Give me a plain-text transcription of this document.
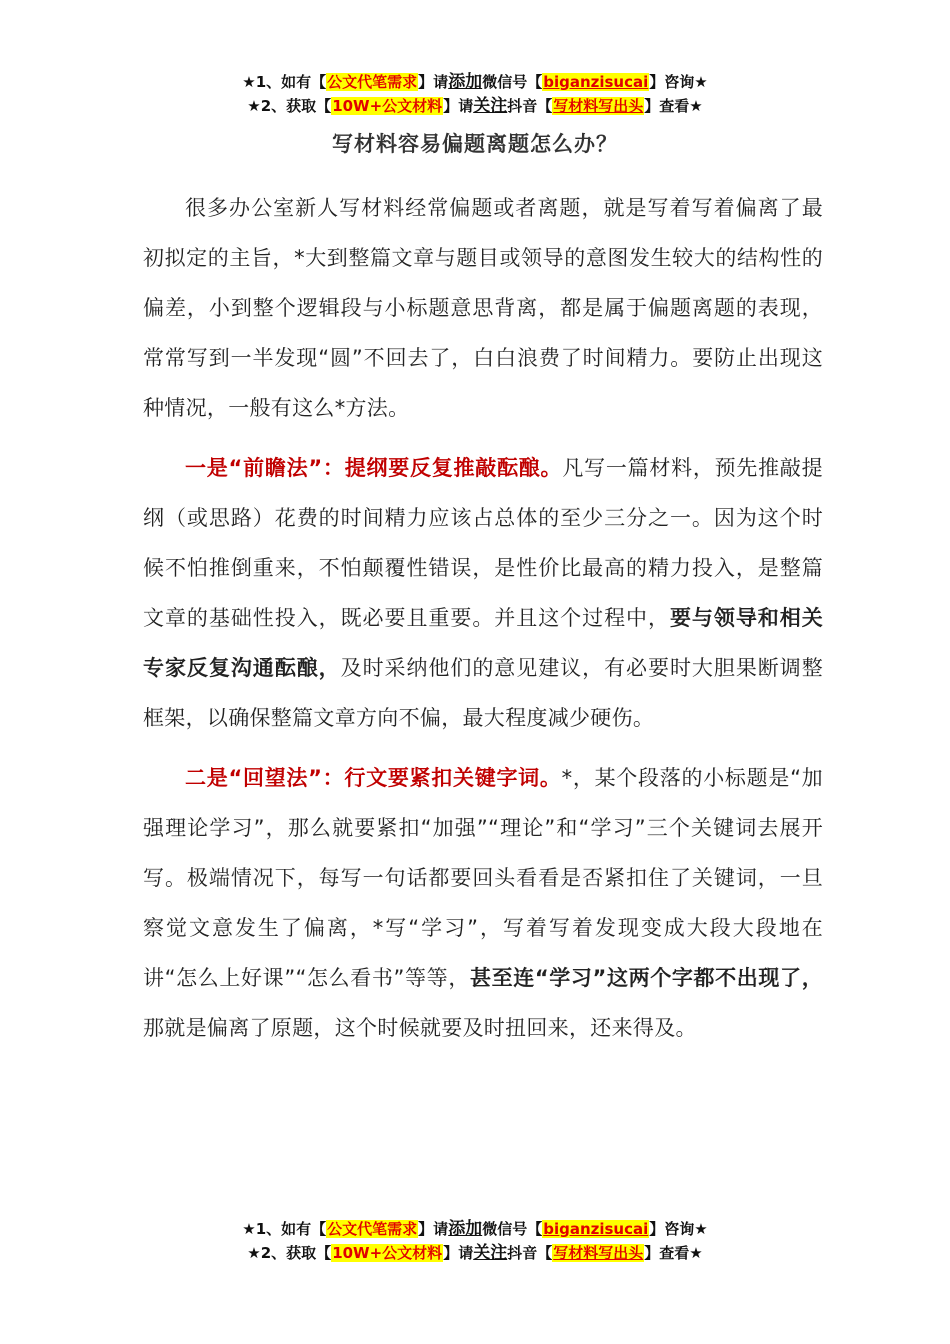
★1、如有【公文代笔需求】请添加微信号【biganzisucai】咨询★
★2、获取【10W+公文材料】请关注抖音【写材料写出头】查看★
写材料容易偏题离题怎么办？

很多办公室新人写材料经常偏题或者离题，就是写着写着偏离了最初拟定的主旨，*大到整篇文章与题目或领导的意图发生较大的结构性的偏差，小到整个逻辑段与小标题意思背离，都是属于偏题离题的表现，常常写到一半发现“圆”不回去了，白白浪费了时间精力。要防止出现这种情况，一般有这么*方法。

一是“前瞻法”：提纲要反复推敲酝酿。凡写一篇材料，预先推敲提纲（或思路）花费的时间精力应该占总体的至少三分之一。因为这个时候不怕推倒重来，不怕颠覆性错误，是性价比最高的精力投入，是整篇文章的基础性投入，既必要且重要。并且这个过程中，要与领导和相关专家反复沟通酝酿，及时采纳他们的意见建议，有必要时大胆果断调整框架，以确保整篇文章方向不偏，最大程度减少硬伤。

二是“回望法”：行文要紧扣关键字词。*，某个段落的小标题是“加强理论学习”，那么就要紧扣“加强”“理论”和“学习”三个关键词去展开写。极端情况下，每写一句话都要回头看看是否紧扣住了关键词，一旦察觉文意发生了偏离，*写“学习”，写着写着发现变成大段大段地在讲“怎么上好课”“怎么看书”等等，甚至连“学习”这两个字都不出现了，那就是偏离了原题，这个时候就要及时扭回来，还来得及。

★1、如有【公文代笔需求】请添加微信号【biganzisucai】咨询★
★2、获取【10W+公文材料】请关注抖音【写材料写出头】查看★
